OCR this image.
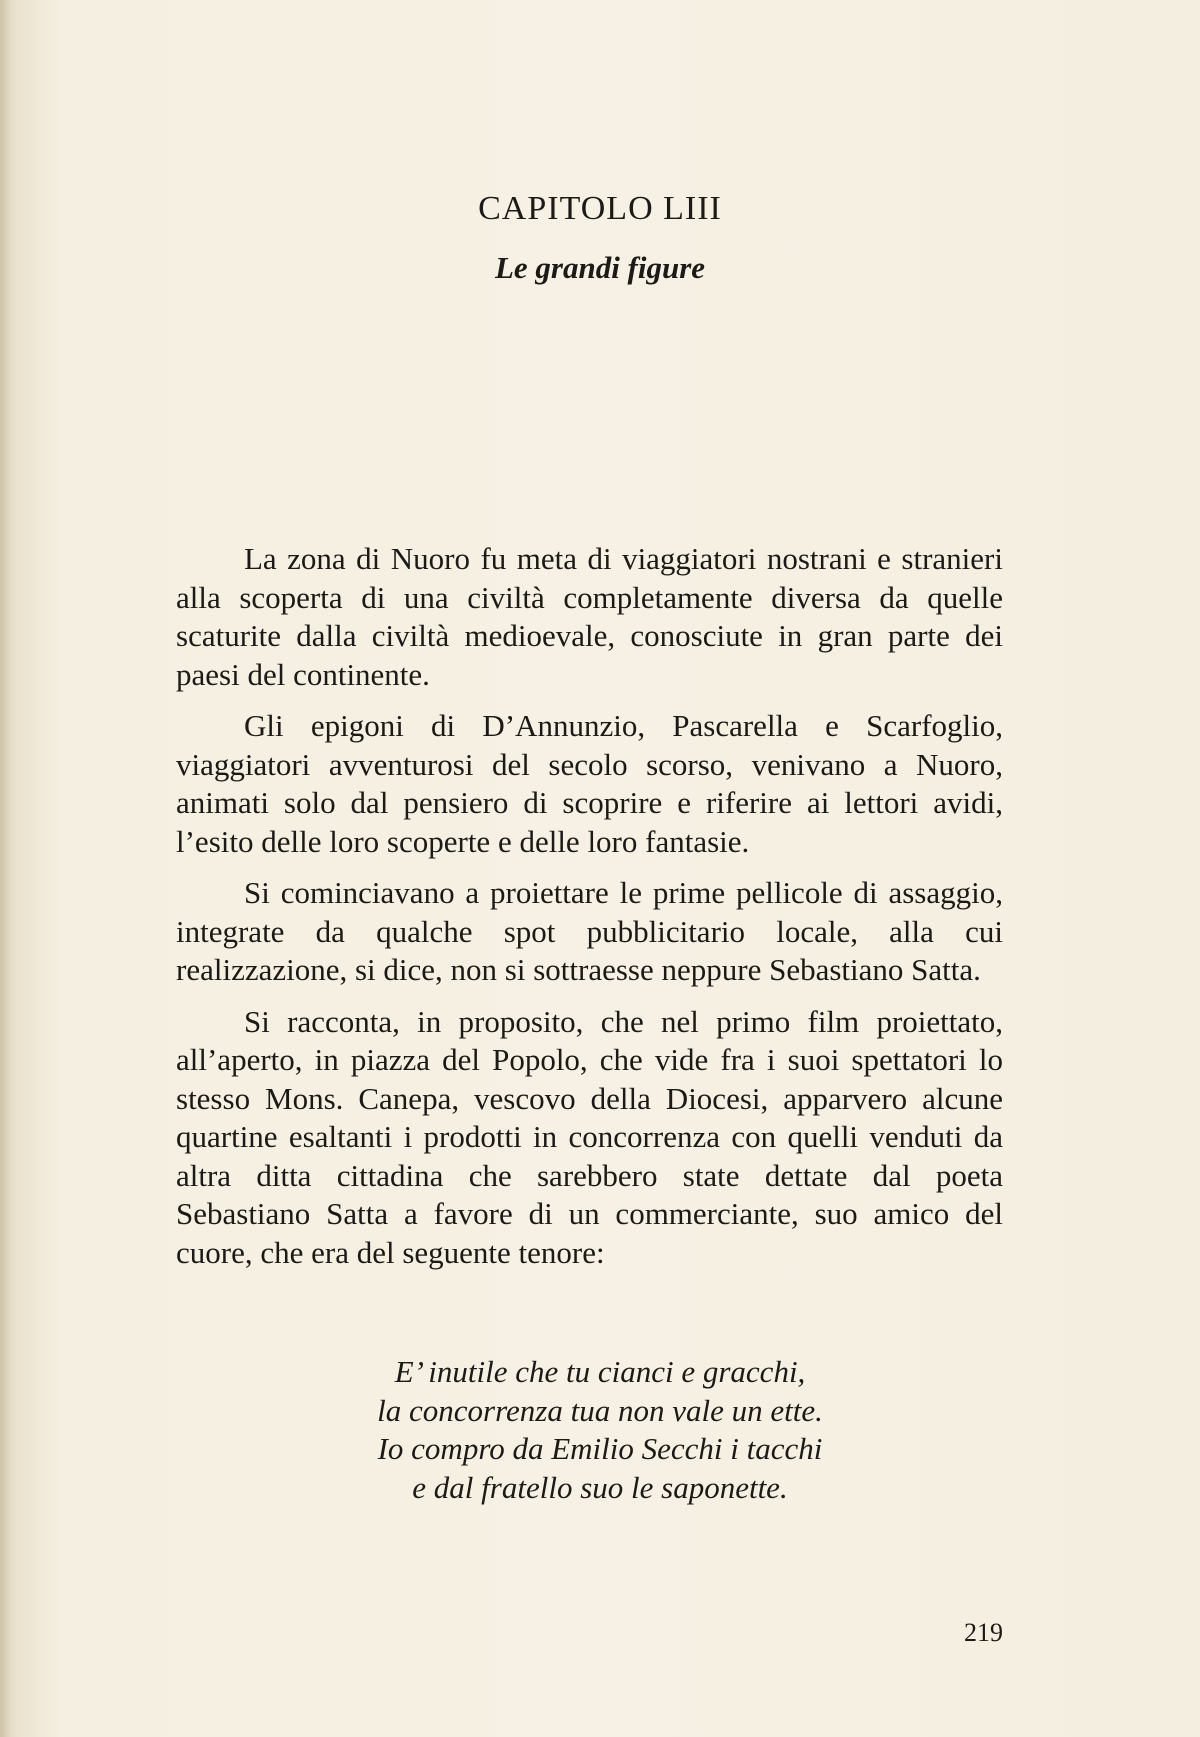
CAPITOLO LIII
Le grandi figure

La zona di Nuoro fu meta di viaggiatori nostrani e stranieri alla scoperta di una civiltà completamente diversa da quelle scaturite dalla civiltà medioevale, conosciute in gran parte dei paesi del continente.

Gli epigoni di D’Annunzio, Pascarella e Scarfoglio, viaggiatori avventurosi del secolo scorso, venivano a Nuoro, animati solo dal pensiero di scoprire e riferire ai lettori avidi, l’esito delle loro scoperte e delle loro fantasie.

Si cominciavano a proiettare le prime pellicole di assaggio, integrate da qualche spot pubblicitario locale, alla cui realizzazione, si dice, non si sottraesse neppure Sebastiano Satta.

Si racconta, in proposito, che nel primo film proiettato, all’aperto, in piazza del Popolo, che vide fra i suoi spettatori lo stesso Mons. Canepa, vescovo della Diocesi, apparvero alcune quartine esaltanti i prodotti in concorrenza con quelli venduti da altra ditta cittadina che sarebbero state dettate dal poeta Sebastiano Satta a favore di un commerciante, suo amico del cuore, che era del seguente tenore:

E’ inutile che tu cianci e gracchi,
la concorrenza tua non vale un ette.
Io compro da Emilio Secchi i tacchi
e dal fratello suo le saponette.
219
